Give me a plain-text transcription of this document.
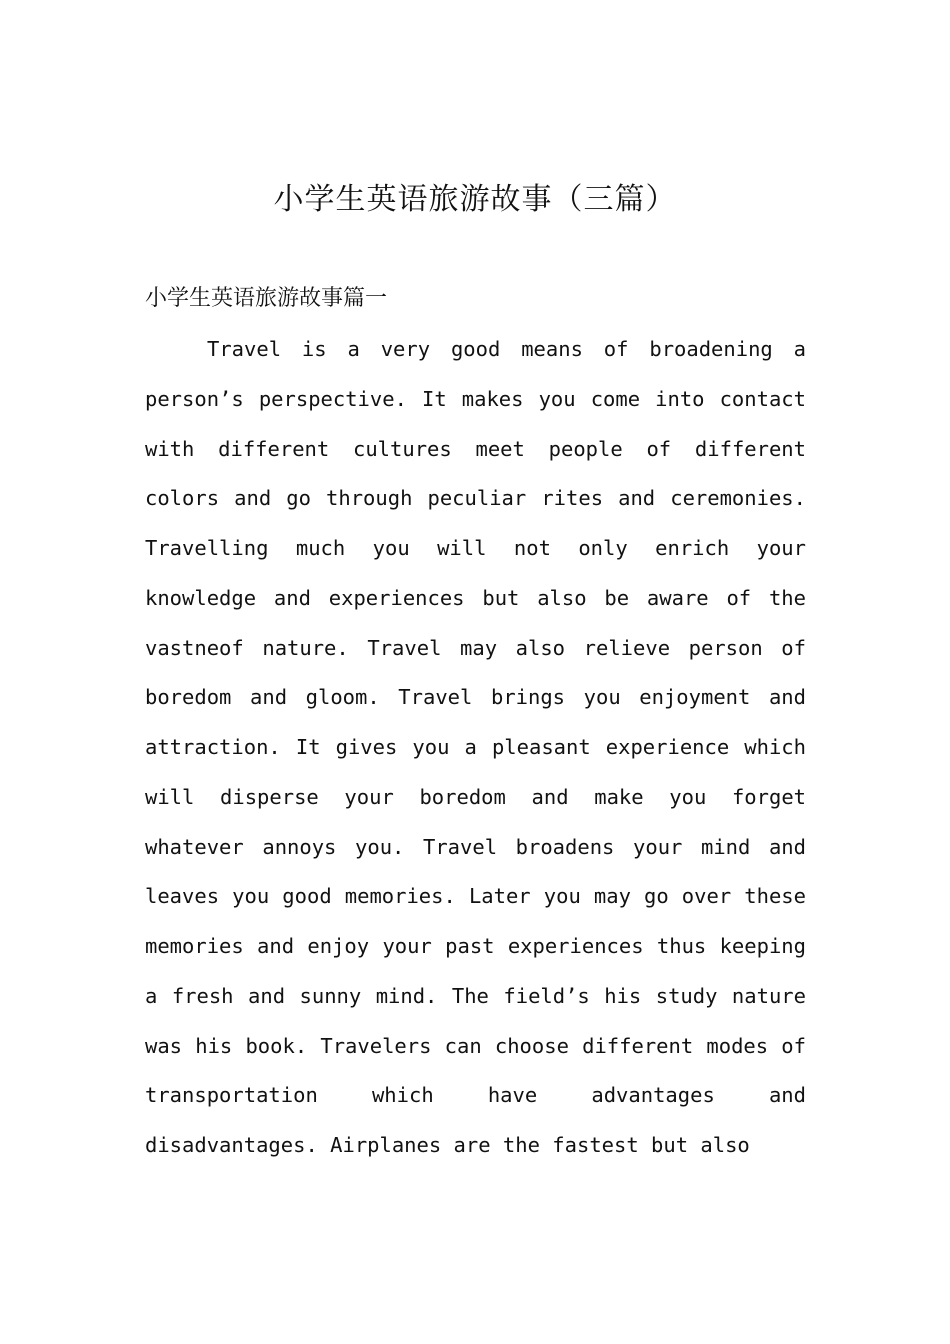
小学生英语旅游故事（三篇）
小学生英语旅游故事篇一

Travel is a very good means of broadening a person’s perspective. It makes you come into contact with different cultures meet people of different colors and go through peculiar rites and ceremonies. Travelling much you will not only enrich your knowledge and experiences but also be aware of the vastneof nature. Travel may also relieve person of boredom and gloom. Travel brings you enjoyment and attraction. It gives you a pleasant experience which will disperse your boredom and make you forget whatever annoys you. Travel broadens your mind and leaves you good memories. Later you may go over these memories and enjoy your past experiences thus keeping a fresh and sunny mind. The field’s his study nature was his book. Travelers can choose different modes of transportation which have advantages and disadvantages. Airplanes are the fastest but also
